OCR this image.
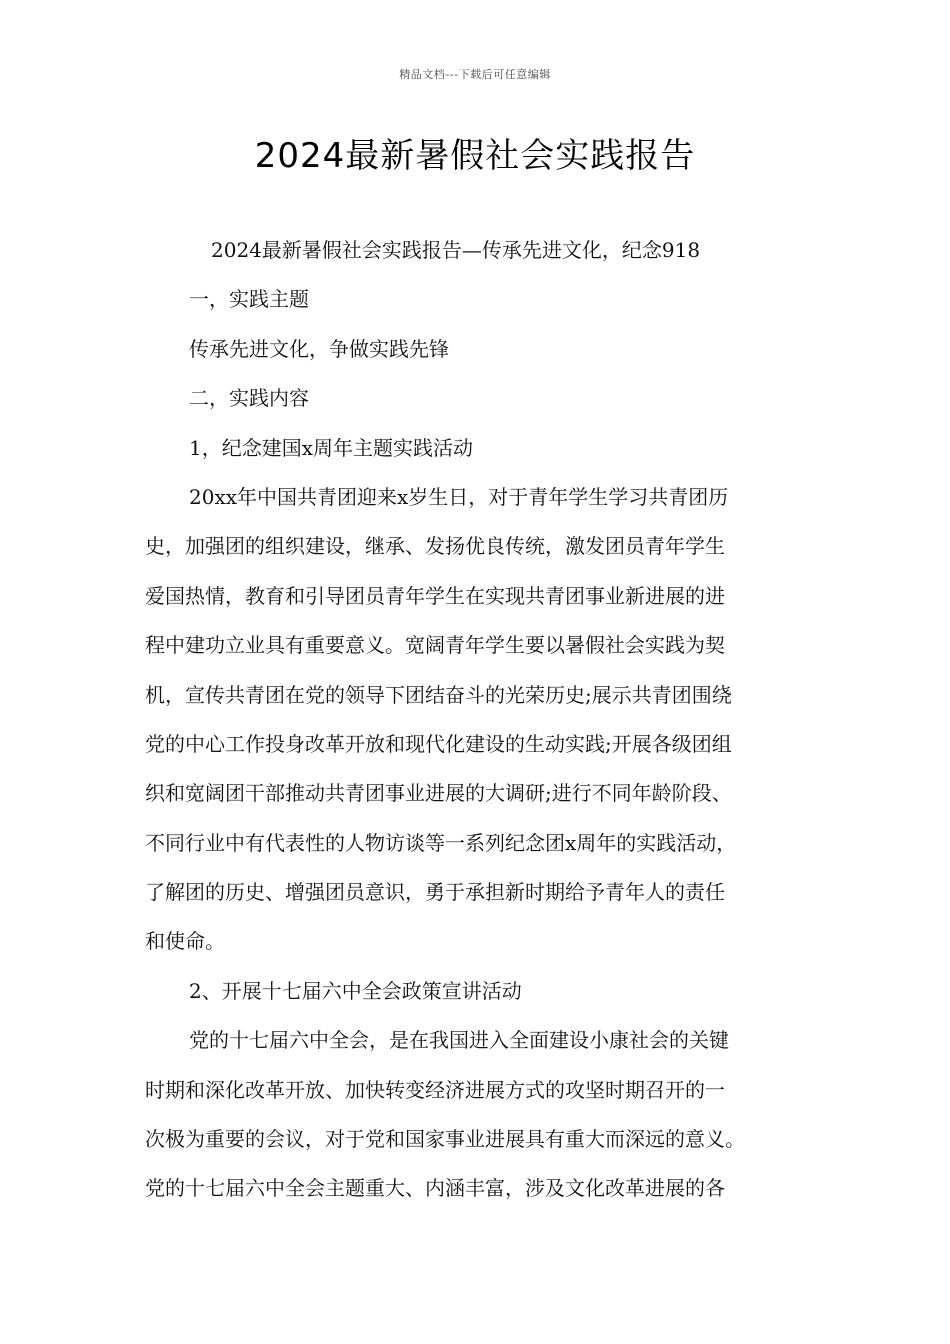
精品文档---下载后可任意编辑
2024最新暑假社会实践报告
2024最新暑假社会实践报告—传承先进文化，纪念918
一，实践主题
传承先进文化，争做实践先锋
二，实践内容
1，纪念建国x周年主题实践活动
20xx年中国共青团迎来x岁生日，对于青年学生学习共青团历
史，加强团的组织建设，继承、发扬优良传统，激发团员青年学生
爱国热情，教育和引导团员青年学生在实现共青团事业新进展的进
程中建功立业具有重要意义。宽阔青年学生要以暑假社会实践为契
机，宣传共青团在党的领导下团结奋斗的光荣历史;展示共青团围绕
党的中心工作投身改革开放和现代化建设的生动实践;开展各级团组
织和宽阔团干部推动共青团事业进展的大调研;进行不同年龄阶段、
不同行业中有代表性的人物访谈等一系列纪念团x周年的实践活动，
了解团的历史、增强团员意识，勇于承担新时期给予青年人的责任
和使命。
2、开展十七届六中全会政策宣讲活动
党的十七届六中全会，是在我国进入全面建设小康社会的关键
时期和深化改革开放、加快转变经济进展方式的攻坚时期召开的一
次极为重要的会议，对于党和国家事业进展具有重大而深远的意义。
党的十七届六中全会主题重大、内涵丰富，涉及文化改革进展的各
